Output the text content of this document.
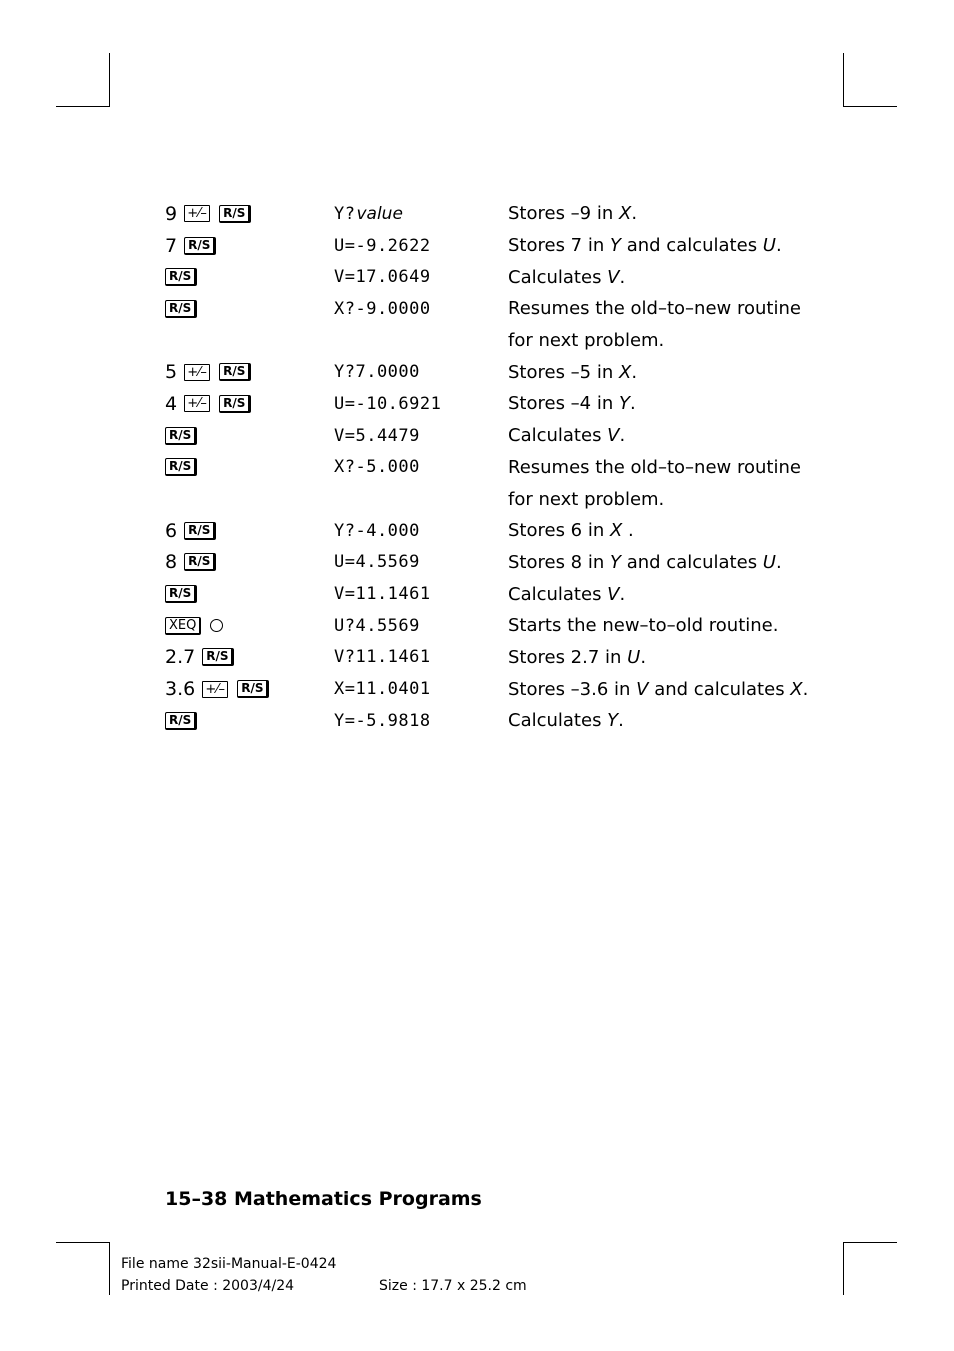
9 +⁄–	R/S	Y? value	Stores –9 in X .
7 R/S	U=-9.2622	Stores 7 in Y and calculates U .
R/S	V=17.0649	Calculates V .
R/S	X?-9.0000	Resumes the old–to–new routine
for next problem.
5 +⁄–	R/S	Y?7.0000	Stores –5 in X .
4 +⁄–	R/S	U=-10.6921	Stores –4 in Y .
R/S	V=5.4479	Calculates V .
R/S	X?-5.000	Resumes the old–to–new routine
for next problem.
6 R/S	Y?-4.000	Stores 6 in X .
8 R/S	U=4.5569	Stores 8 in Y and calculates U .
R/S	V=11.1461	Calculates V .
XEQ	U?4.5569	Starts the new–to–old routine.
2.7 R/S	V?11.1461	Stores 2.7 in U .
3.6 +⁄–	R/S	X=11.0401	Stores –3.6 in V and calculates X .
R/S	Y=-5.9818	Calculates Y .
15–38 Mathematics Programs
File name 32sii-Manual-E-0424
Printed Date : 2003/4/24	Size : 17.7 x 25.2 cm
